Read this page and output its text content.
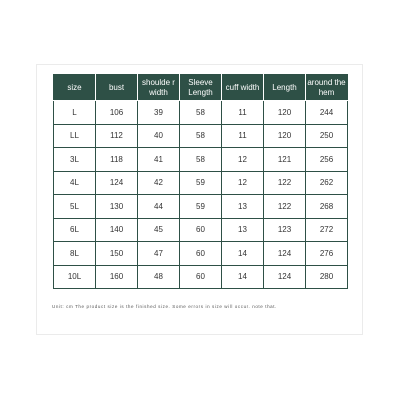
size	bust	shoulde r width	Sleeve Length	cuff width	Length	around the hem
L	106	39	58	11	120	244
LL	112	40	58	11	120	250
3L	118	41	58	12	121	256
4L	124	42	59	12	122	262
5L	130	44	59	13	122	268
6L	140	45	60	13	123	272
8L	150	47	60	14	124	276
10L	160	48	60	14	124	280
Unit: cm The product size is the finished size. Some errors in size will occur. note that.
